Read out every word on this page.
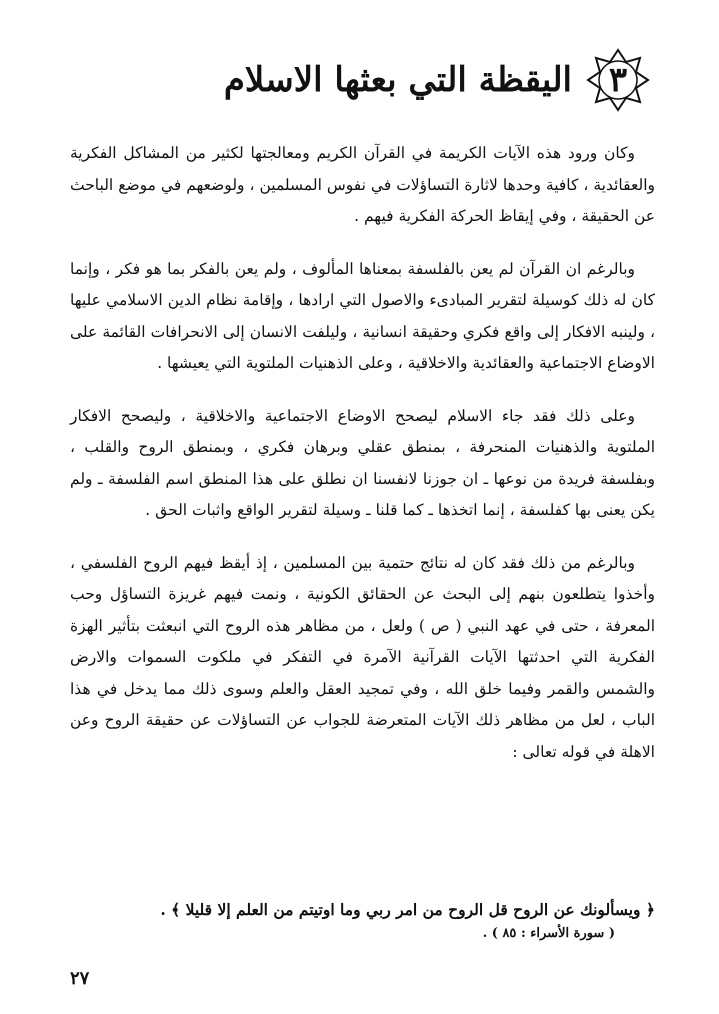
٣
اليقظة التي بعثها الاسلام

وكان ورود هذه الآيات الكريمة في القرآن الكريم ومعالجتها لكثير من المشاكل الفكرية والعقائدية ، كافية وحدها لاثارة التساؤلات في نفوس المسلمين ، ولوضعهم في موضع الباحث عن الحقيقة ، وفي إيقاظ الحركة الفكرية فيهم .

وبالرغم ان القرآن لم يعن بالفلسفة بمعناها المألوف ، ولم يعن بالفكر بما هو فكر ، وإنما كان له ذلك كوسيلة لتقرير المبادىء والاصول التي ارادها ، وإقامة نظام الدين الاسلامي عليها ، ولينبه الافكار إلى واقع فكري وحقيقة انسانية ، وليلفت الانسان إلى الانحرافات القائمة على الاوضاع الاجتماعية والعقائدية والاخلاقية ، وعلى الذهنيات الملتوية التي يعيشها .

وعلى ذلك فقد جاء الاسلام ليصحح الاوضاع الاجتماعية والاخلاقية ، وليصحح الافكار الملتوية والذهنيات المنحرفة ، بمنطق عقلي وبرهان فكري ، وبمنطق الروح والقلب ، وبفلسفة فريدة من نوعها ـ ان جوزنا لانفسنا ان نطلق على هذا المنطق اسم الفلسفة ـ ولم يكن يعنى بها كفلسفة ، إنما اتخذها ـ كما قلنا ـ وسيلة لتقرير الواقع واثبات الحق .

وبالرغم من ذلك فقد كان له نتائج حتمية بين المسلمين ، إذ أيقظ فيهم الروح الفلسفي ، وأخذوا يتطلعون بنهم إلى البحث عن الحقائق الكونية ، ونمت فيهم غريزة التساؤل وحب المعرفة ، حتى في عهد النبي ( ص ) ولعل ، من مظاهر هذه الروح التي انبعثت بتأثير الهزة الفكرية التي احدثتها الآيات القرآنية الآمرة في التفكر في ملكوت السموات والارض والشمس والقمر وفيما خلق الله ، وفي تمجيد العقل والعلم وسوى ذلك مما يدخل في هذا الباب ، لعل من مظاهر ذلك الآيات المتعرضة للجواب عن التساؤلات عن حقيقة الروح وعن الاهلة في قوله تعالى :

﴿ ويسألونك عن الروح قل الروح من امر ربي وما اوتيتم من العلم إلا قليلا ﴾ .
( سورة الأسراء : ٨٥ ) .
٢٧
